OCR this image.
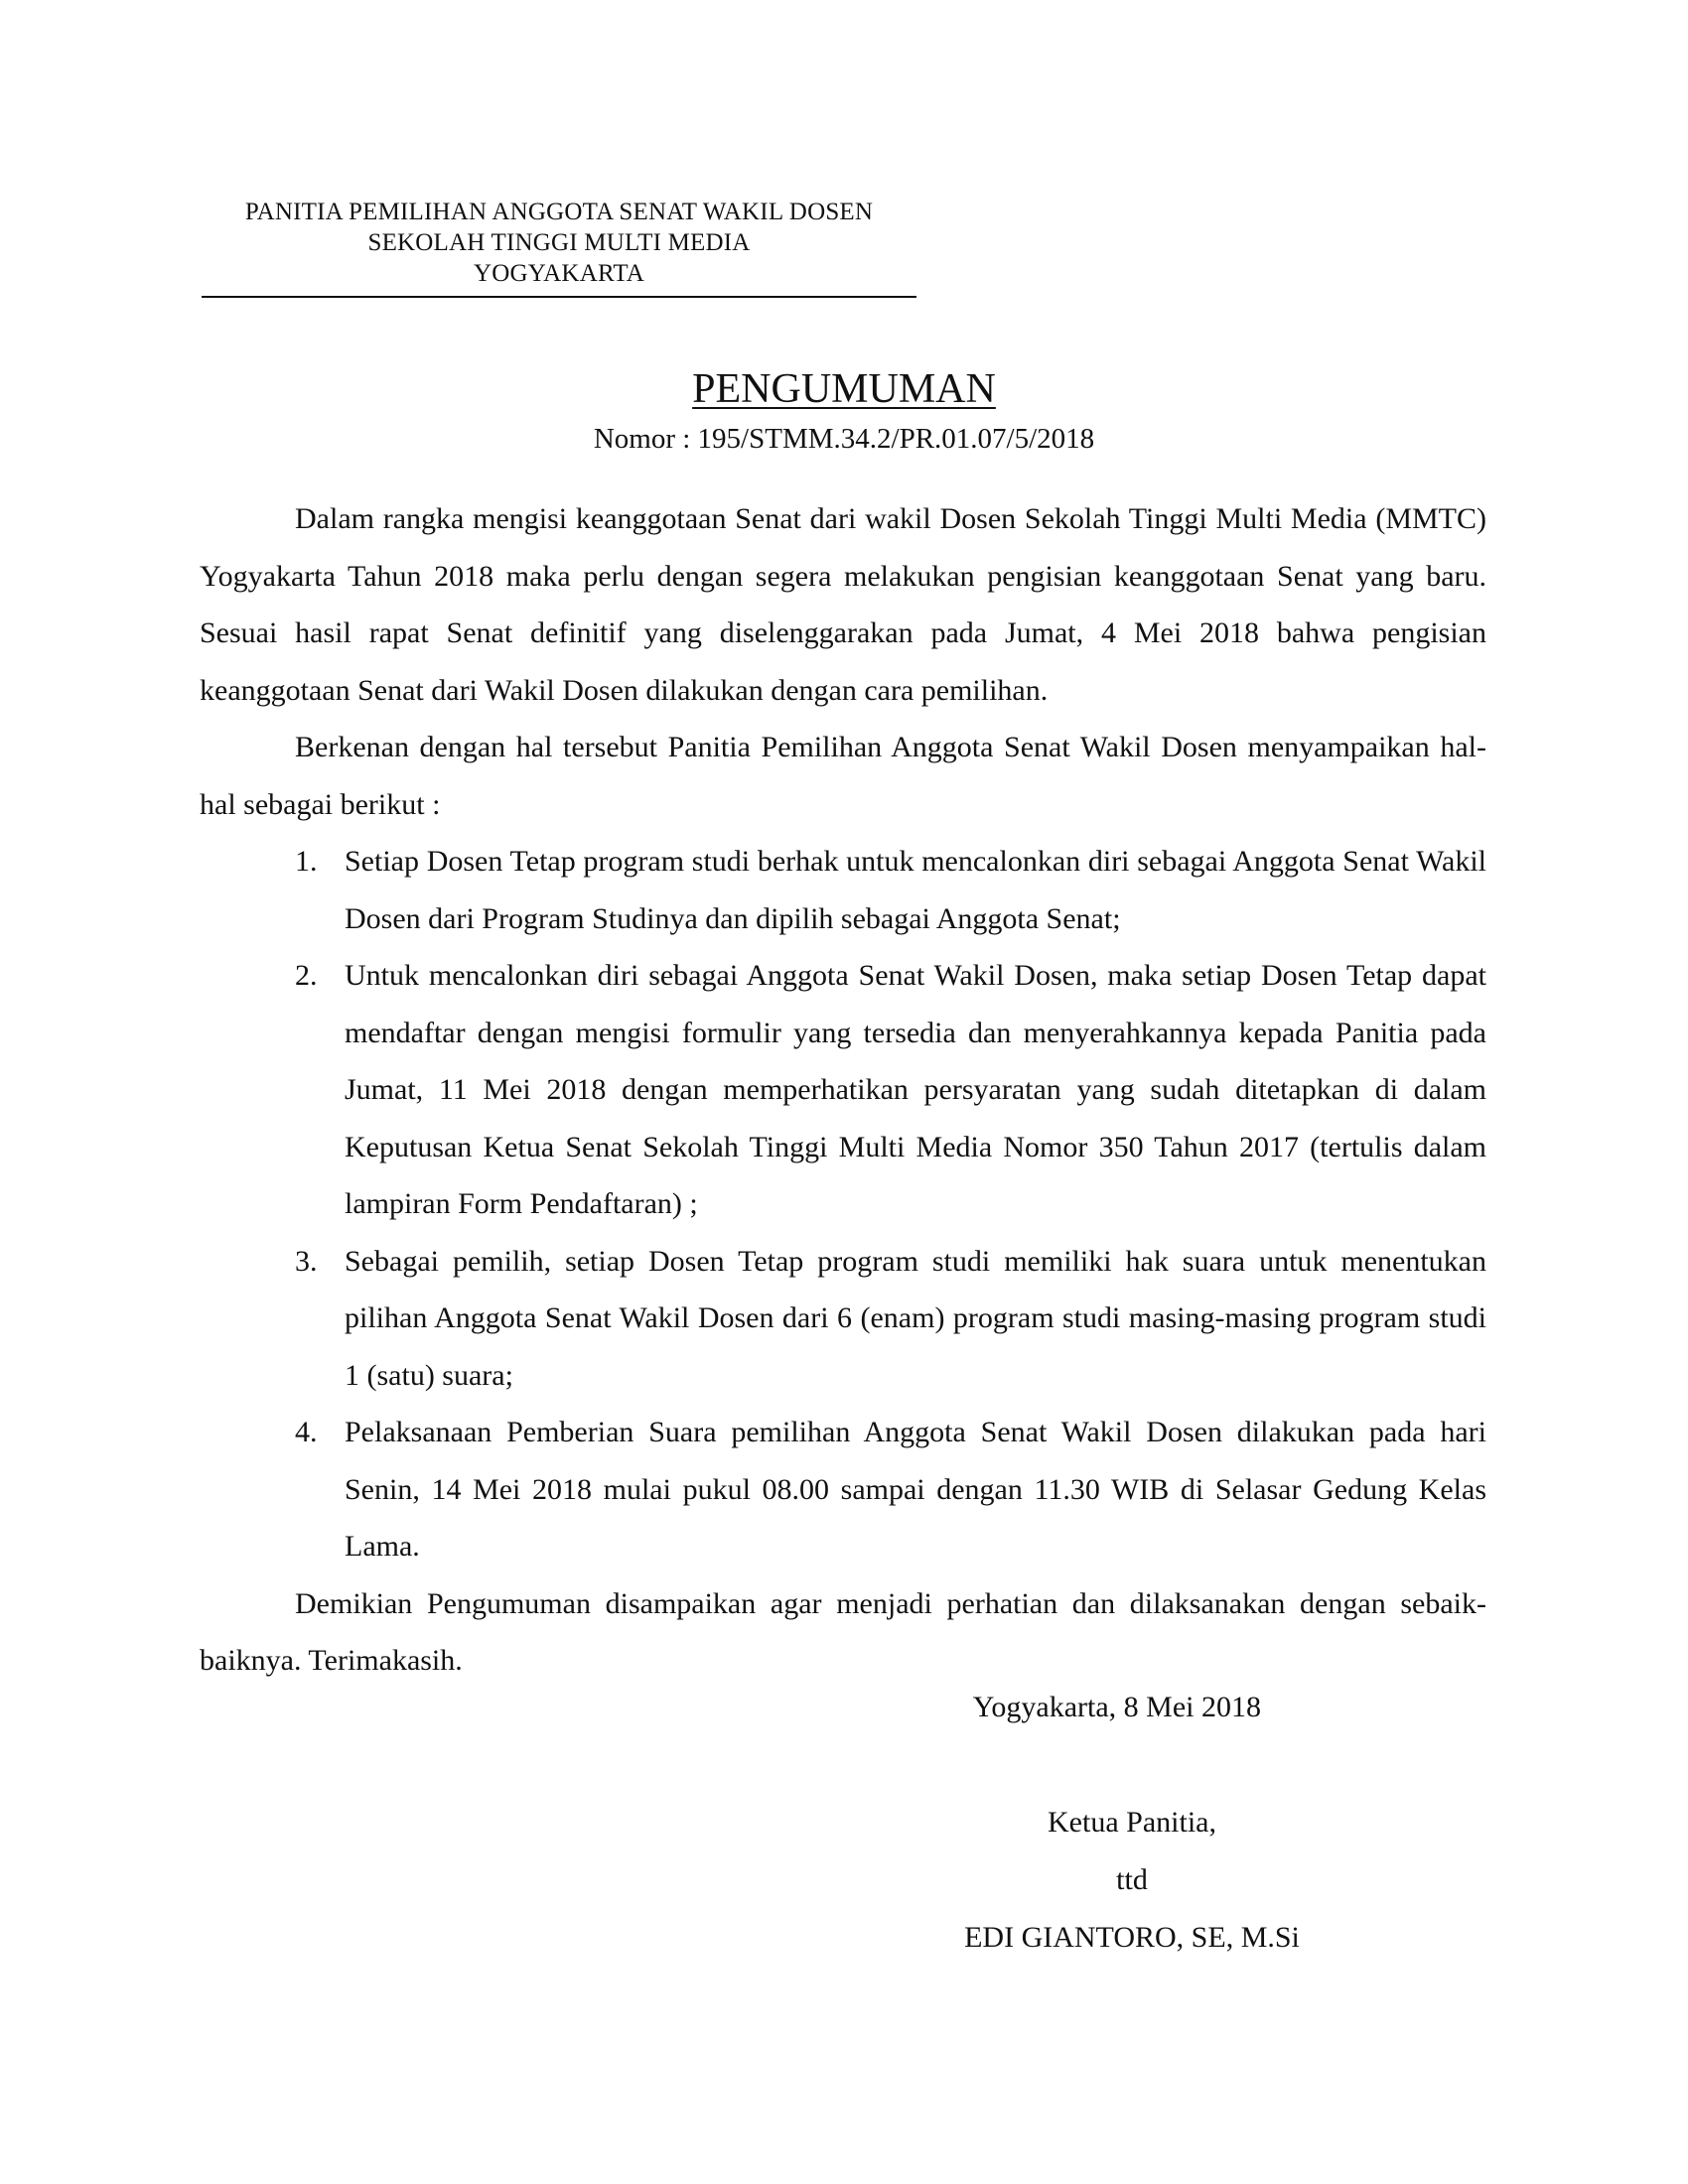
PANITIA PEMILIHAN ANGGOTA SENAT WAKIL DOSEN
SEKOLAH TINGGI MULTI MEDIA
YOGYAKARTA
PENGUMUMAN
Nomor : 195/STMM.34.2/PR.01.07/5/2018

Dalam rangka mengisi keanggotaan Senat dari wakil Dosen Sekolah Tinggi Multi Media (MMTC) Yogyakarta Tahun 2018 maka perlu dengan segera melakukan pengisian keanggotaan Senat yang baru. Sesuai hasil rapat Senat definitif yang diselenggarakan pada Jumat, 4 Mei 2018 bahwa pengisian keanggotaan Senat dari Wakil Dosen dilakukan dengan cara pemilihan.

Berkenan dengan hal tersebut Panitia Pemilihan Anggota Senat Wakil Dosen menyampaikan hal-hal sebagai berikut :

1. Setiap Dosen Tetap program studi berhak untuk mencalonkan diri sebagai Anggota Senat Wakil Dosen dari Program Studinya dan dipilih sebagai Anggota Senat;
2. Untuk mencalonkan diri sebagai Anggota Senat Wakil Dosen, maka setiap Dosen Tetap dapat mendaftar dengan mengisi formulir yang tersedia dan menyerahkannya kepada Panitia pada Jumat, 11 Mei 2018 dengan memperhatikan persyaratan yang sudah ditetapkan di dalam Keputusan Ketua Senat Sekolah Tinggi Multi Media Nomor 350 Tahun 2017 (tertulis dalam lampiran Form Pendaftaran) ;
3. Sebagai pemilih, setiap Dosen Tetap program studi memiliki hak suara untuk menentukan pilihan Anggota Senat Wakil Dosen dari 6 (enam) program studi masing-masing program studi 1 (satu) suara;
4. Pelaksanaan Pemberian Suara pemilihan Anggota Senat Wakil Dosen dilakukan pada hari Senin, 14 Mei 2018 mulai pukul 08.00 sampai dengan 11.30 WIB di Selasar Gedung Kelas Lama.

Demikian Pengumuman disampaikan agar menjadi perhatian dan dilaksanakan dengan sebaik-baiknya. Terimakasih.

Yogyakarta, 8 Mei 2018
Ketua Panitia,
ttd
EDI GIANTORO, SE, M.Si
